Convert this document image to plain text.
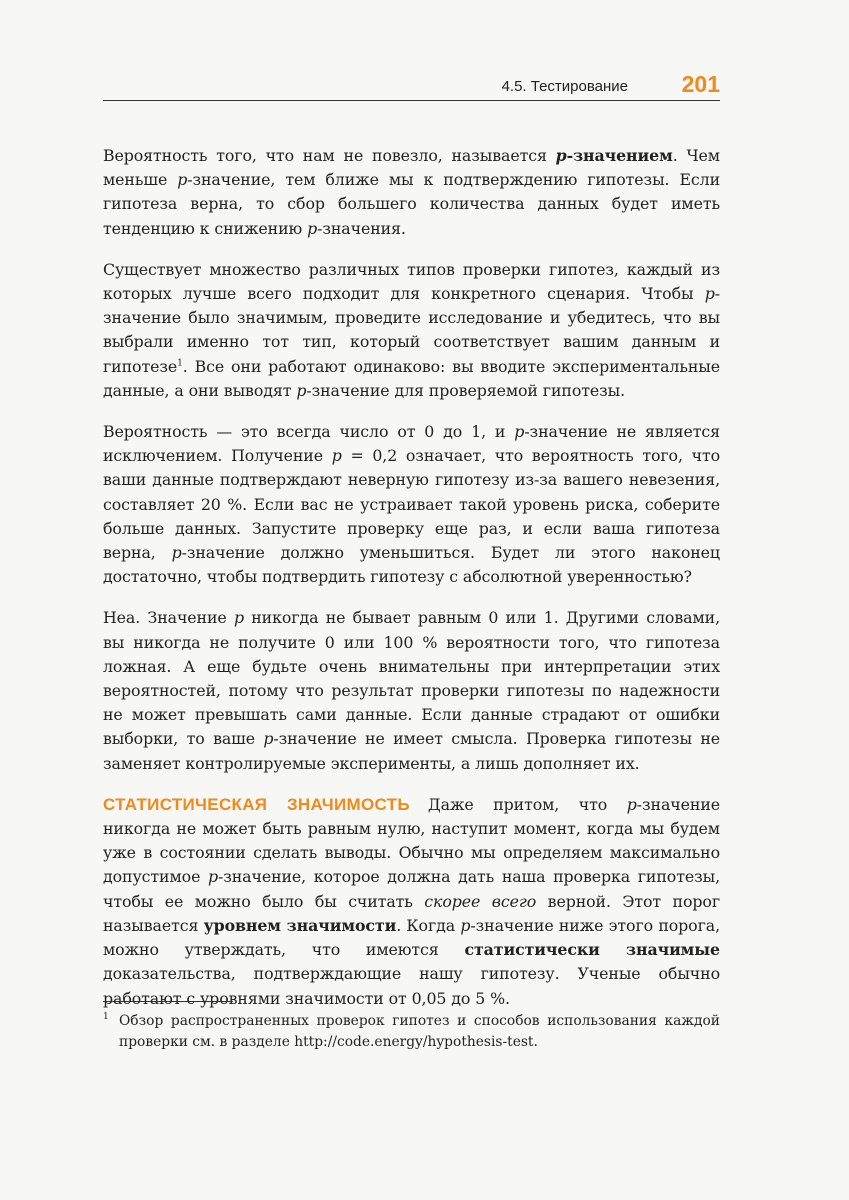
4.5. Тестирование 201

Вероятность того, что нам не повезло, называется p-значением. Чем меньше p-значение, тем ближе мы к подтверждению гипотезы. Если гипотеза верна, то сбор большего количества данных будет иметь тенденцию к снижению p-значения.

Существует множество различных типов проверки гипотез, каждый из которых лучше всего подходит для конкретного сценария. Чтобы p-значение было значимым, проведите исследование и убедитесь, что вы выбрали именно тот тип, который соответствует вашим данным и гипотезе$^1$. Все они работают одинаково: вы вводите экспериментальные данные, а они выводят p-значение для проверяемой гипотезы.

Вероятность — это всегда число от 0 до 1, и p-значение не является исключением. Получение p = 0,2 означает, что вероятность того, что ваши данные подтверждают неверную гипотезу из-за вашего невезения, составляет 20 %. Если вас не устраивает такой уровень риска, соберите больше данных. Запустите проверку еще раз, и если ваша гипотеза верна, p-значение должно уменьшиться. Будет ли этого наконец достаточно, чтобы подтвердить гипотезу с абсолютной уверенностью?

Неа. Значение p никогда не бывает равным 0 или 1. Другими словами, вы никогда не получите 0 или 100 % вероятности того, что гипотеза ложная. А еще будьте очень внимательны при интерпретации этих вероятностей, потому что результат проверки гипотезы по надежности не может превышать сами данные. Если данные страдают от ошибки выборки, то ваше p-значение не имеет смысла. Проверка гипотезы не заменяет контролируемые эксперименты, а лишь дополняет их.

СТАТИСТИЧЕСКАЯ ЗНАЧИМОСТЬ Даже притом, что p-значение никогда не может быть равным нулю, наступит момент, когда мы будем уже в состоянии сделать выводы. Обычно мы определяем максимально допустимое p-значение, которое должна дать наша проверка гипотезы, чтобы ее можно было бы считать скорее всего верной. Этот порог называется уровнем значимости. Когда p-значение ниже этого порога, можно утверждать, что имеются статистически значимые доказательства, подтверждающие нашу гипотезу. Ученые обычно работают с уровнями значимости от 0,05 до 5 %.

1 Обзор распространенных проверок гипотез и способов использования каждой проверки см. в разделе http://code.energy/hypothesis-test.
